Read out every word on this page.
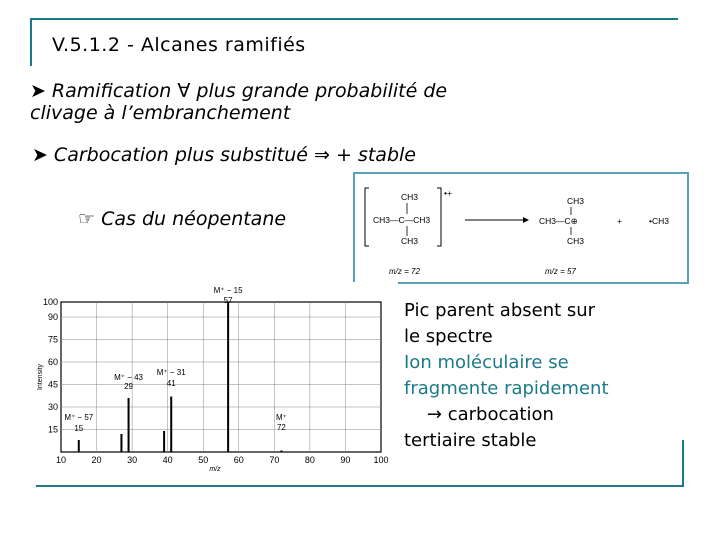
V.5.1.2 - Alcanes ramifiés
➤ Ramification ∀ plus grande probabilité de
clivage à l’embranchement
➤ Carbocation plus substitué ⇒ + stable
☞ Cas du néopentane
CH3
CH3—C—CH3
CH3
•+
CH3
CH3—C⊕
CH3
+	•CH3
m/z = 72	m/z = 57
10	20	30	40	50	60	70	80	90	100
15
30
45
60
75
90
100
M⁺ − 15
57
M⁺ − 43
29
M⁺ − 31
41
M⁺ − 57
15
M⁺
72
m/z
Intensity
Pic parent absent sur
le spectre
Ion moléculaire se
fragmente rapidement
→ carbocation
tertiaire stable
